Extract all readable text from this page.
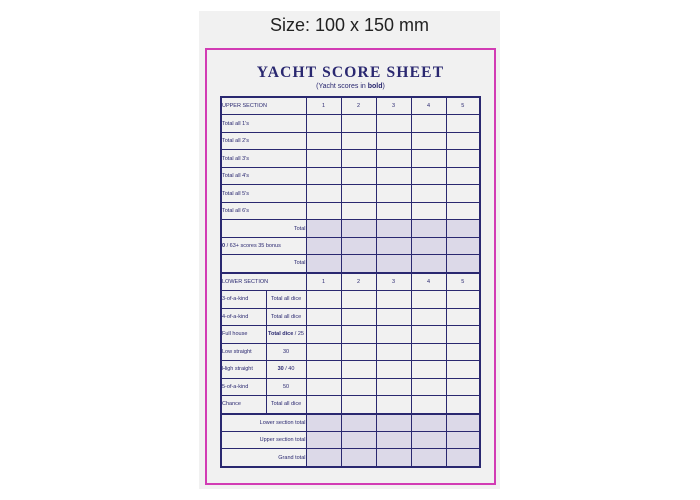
Size: 100 x 150 mm
YACHT SCORE SHEET
(Yacht scores in bold)
UPPER SECTION		1	2	3	4	5
Total all 1's						
Total all 2's						
Total all 3's						
Total all 4's						
Total all 5's						
Total all 6's						
Total						
0 / 63+ scores 35 bonus						
Total						
LOWER SECTION		1	2	3	4	5
3-of-a-kind	Total all dice					
4-of-a-kind	Total all dice					
Full house	Total dice / 25					
Low straight	30					
High straight	30 / 40					
5-of-a-kind	50					
Chance	Total all dice					
Lower section total						
Upper section total						
Grand total						
